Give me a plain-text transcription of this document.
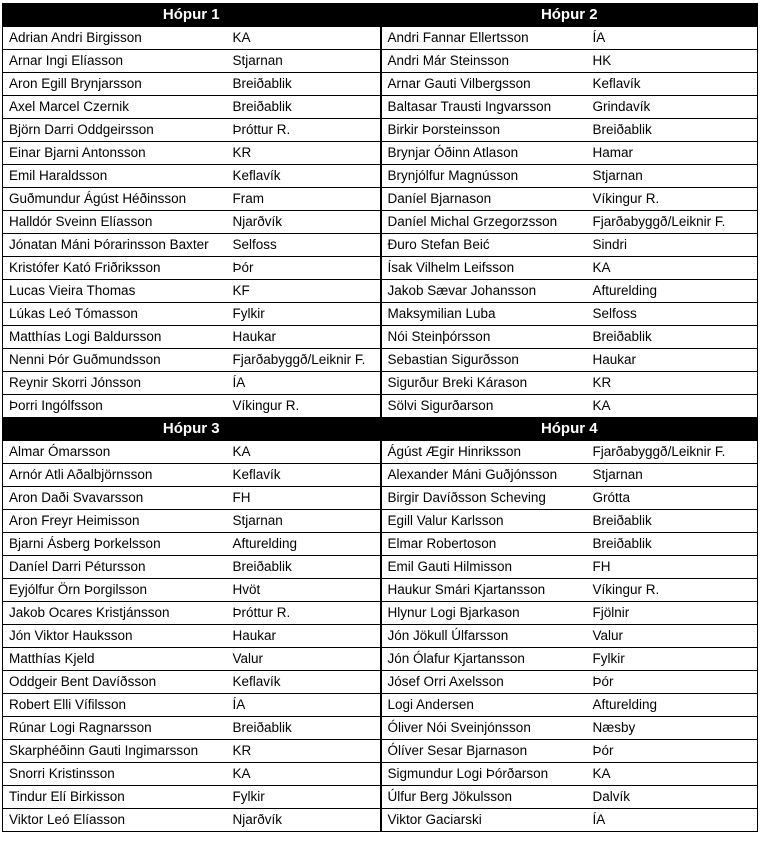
Hópur 1		Hópur 2	
Adrian Andri Birgisson	KA	Andri Fannar Ellertsson	ÍA
Arnar Ingi Elíasson	Stjarnan	Andri Már Steinsson	HK
Aron Egill Brynjarsson	Breiðablik	Arnar Gauti Vilbergsson	Keflavík
Axel Marcel Czernik	Breiðablik	Baltasar Trausti Ingvarsson	Grindavík
Björn Darri Oddgeirsson	Þróttur R.	Birkir Þorsteinsson	Breiðablik
Einar Bjarni Antonsson	KR	Brynjar Óðinn Atlason	Hamar
Emil Haraldsson	Keflavík	Brynjólfur Magnússon	Stjarnan
Guðmundur Ágúst Héðinsson	Fram	Daníel Bjarnason	Víkingur R.
Halldór Sveinn Elíasson	Njarðvík	Daníel Michal Grzegorzsson	Fjarðabyggð/Leiknir F.
Jónatan Máni Þórarinsson Baxter	Selfoss	Đuro Stefan Beić	Sindri
Kristófer Kató Friðriksson	Þór	Ísak Vilhelm Leifsson	KA
Lucas Vieira Thomas	KF	Jakob Sævar Johansson	Afturelding
Lúkas Leó Tómasson	Fylkir	Maksymilian Luba	Selfoss
Matthías Logi Baldursson	Haukar	Nói Steinþórsson	Breiðablik
Nenni Þór Guðmundsson	Fjarðabyggð/Leiknir F.	Sebastian Sigurðsson	Haukar
Reynir Skorri Jónsson	ÍA	Sigurður Breki Kárason	KR
Þorri Ingólfsson	Víkingur R.	Sölvi Sigurðarson	KA
Hópur 3		Hópur 4	
Almar Ómarsson	KA	Ágúst Ægir Hinriksson	Fjarðabyggð/Leiknir F.
Arnór Atli Aðalbjörnsson	Keflavík	Alexander Máni Guðjónsson	Stjarnan
Aron Daði Svavarsson	FH	Birgir Davíðsson Scheving	Grótta
Aron Freyr Heimisson	Stjarnan	Egill Valur Karlsson	Breiðablik
Bjarni Ásberg Þorkelsson	Afturelding	Elmar Robertoson	Breiðablik
Daníel Darri Pétursson	Breiðablik	Emil Gauti Hilmisson	FH
Eyjólfur Örn Þorgilsson	Hvöt	Haukur Smári Kjartansson	Víkingur R.
Jakob Ocares Kristjánsson	Þróttur R.	Hlynur Logi Bjarkason	Fjölnir
Jón Viktor Hauksson	Haukar	Jón Jökull Úlfarsson	Valur
Matthías Kjeld	Valur	Jón Ólafur Kjartansson	Fylkir
Oddgeir Bent Davíðsson	Keflavík	Jósef Orri Axelsson	Þór
Robert Elli Vífilsson	ÍA	Logi Andersen	Afturelding
Rúnar Logi Ragnarsson	Breiðablik	Óliver Nói Sveinjónsson	Næsby
Skarphéðinn Gauti Ingimarsson	KR	Ólíver Sesar Bjarnason	Þór
Snorri Kristinsson	KA	Sigmundur Logi Þórðarson	KA
Tindur Elí Birkisson	Fylkir	Úlfur Berg Jökulsson	Dalvík
Viktor Leó Elíasson	Njarðvík	Viktor Gaciarski	ÍA
